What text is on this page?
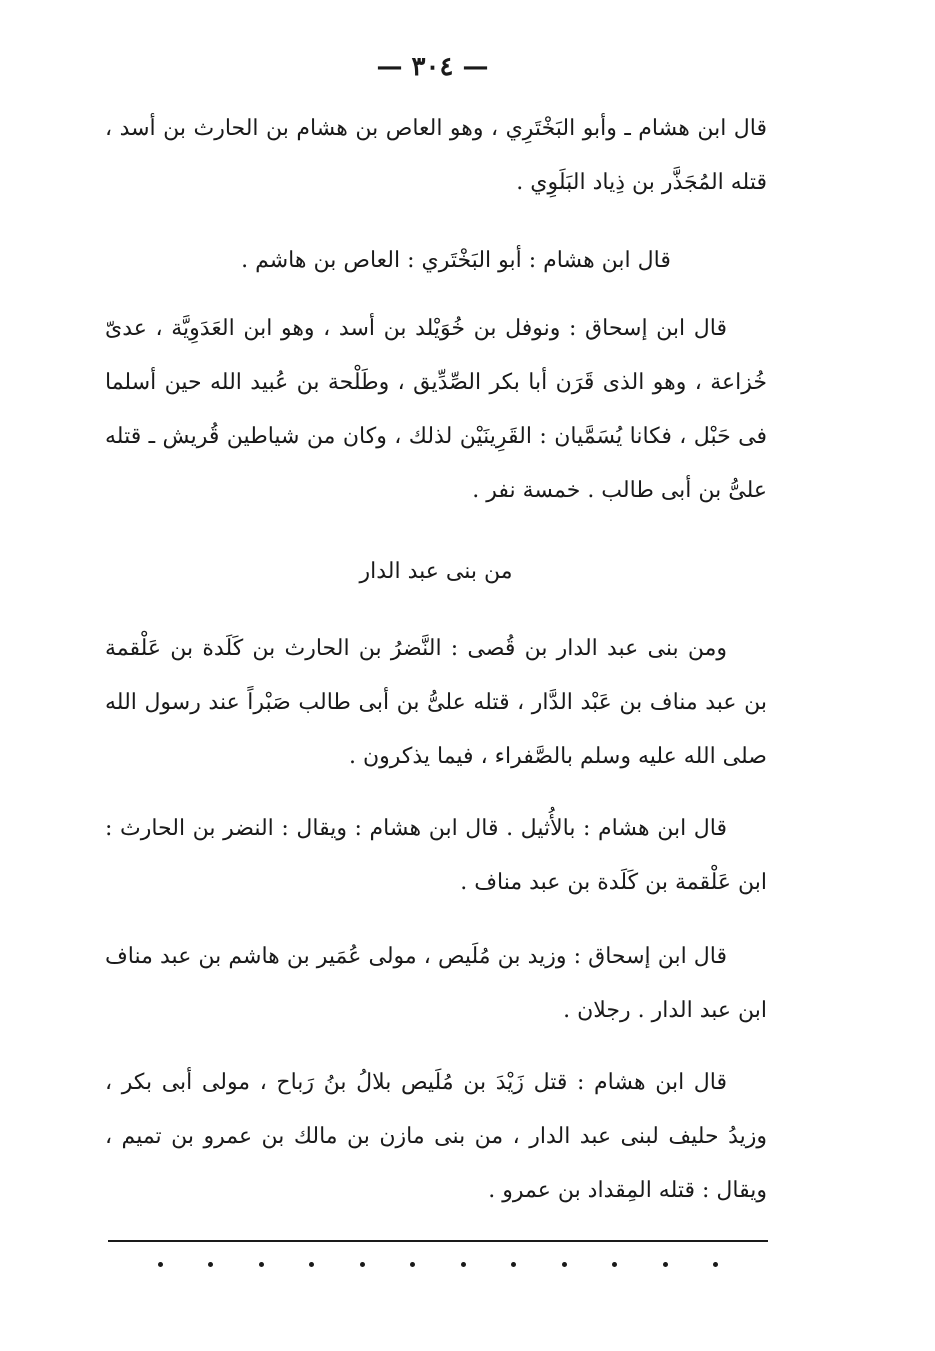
— ٣٠٤ —

قال ابن هشام ـ وأبو البَخْتَرِي ، وهو العاص بن هشام بن الحارث بن أسد ، قتله المُجَذَّر بن ذِياد البَلَوِي .

قال ابن هشام : أبو البَخْتَري : العاص بن هاشم .

قال ابن إسحاق : ونوفل بن خُوَيْلد بن أسد ، وهو ابن العَدَوِيَّة ، عدىّ خُزاعة ، وهو الذى قَرَن أبا بكر الصِّدِّيق ، وطَلْحة بن عُبيد الله حين أسلما فى حَبْل ، فكانا يُسَمَّيان : القَرِينَيْن لذلك ، وكان من شياطين قُريش ـ قتله علىُّ بن أبى طالب . خمسة نفر .

من بنى عبد الدار

ومن بنى عبد الدار بن قُصى : النَّضرُ بن الحارث بن كَلَدة بن عَلْقمة بن عبد مناف بن عَبْد الدَّار ، قتله علىُّ بن أبى طالب صَبْراً عند رسول الله صلى الله عليه وسلم بالصَّفراء ، فيما يذكرون .

قال ابن هشام : بالأُثيل . قال ابن هشام : ويقال : النضر بن الحارث : ابن عَلْقمة بن كَلَدة بن عبد مناف .

قال ابن إسحاق : وزيد بن مُلَيص ، مولى عُمَير بن هاشم بن عبد مناف ابن عبد الدار . رجلان .

قال ابن هشام : قتل زَيْدَ بن مُلَيص بلالُ بنُ رَباح ، مولى أبى بكر ، وزيدُ حليف لبنى عبد الدار ، من بنى مازن بن مالك بن عمرو بن تميم ، ويقال : قتله المِقداد بن عمرو .
